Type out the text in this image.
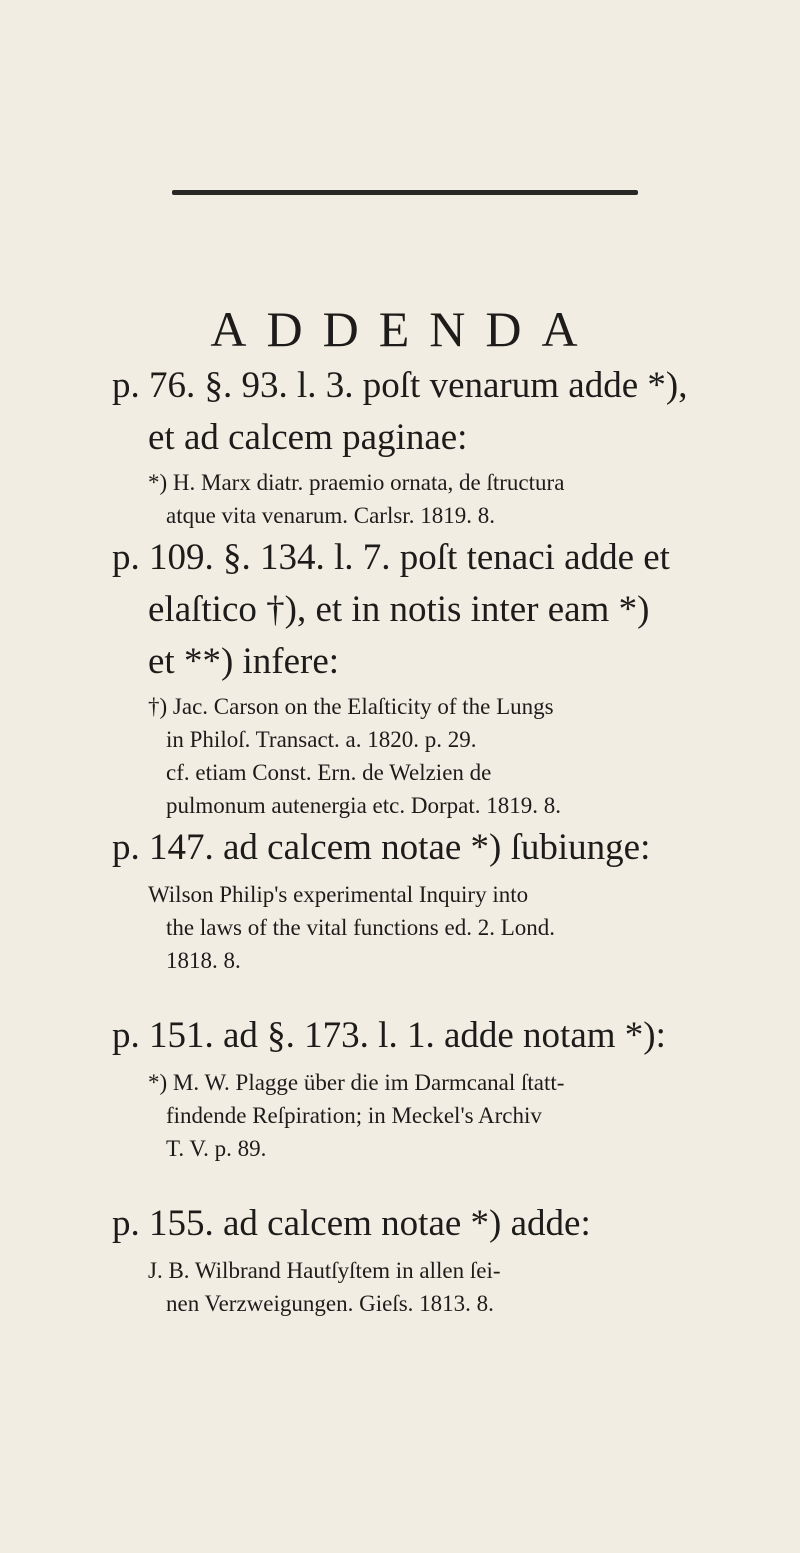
ADDENDA
p. 76. §. 93. l. 3. poſt venarum adde *),
et ad calcem paginae:
*) H. Marx diatr. praemio ornata, de ſtructura
atque vita venarum. Carlsr. 1819. 8.
p. 109. §. 134. l. 7. poſt tenaci adde et
elaſtico †), et in notis inter eam *)
et **) infere:
†) Jac. Carson on the Elaſticity of the Lungs
in Philoſ. Transact. a. 1820. p. 29.
cf. etiam Const. Ern. de Welzien de
pulmonum autenergia etc. Dorpat. 1819. 8.
p. 147. ad calcem notae *) ſubiunge:
Wilson Philip's experimental Inquiry into
the laws of the vital functions ed. 2. Lond.
1818. 8.
p. 151. ad §. 173. l. 1. adde notam *):
*) M. W. Plagge über die im Darmcanal ſtatt-
findende Reſpiration; in Meckel's Archiv
T. V. p. 89.
p. 155. ad calcem notae *) adde:
J. B. Wilbrand Hautſyſtem in allen ſei-
nen Verzweigungen. Gieſs. 1813. 8.
